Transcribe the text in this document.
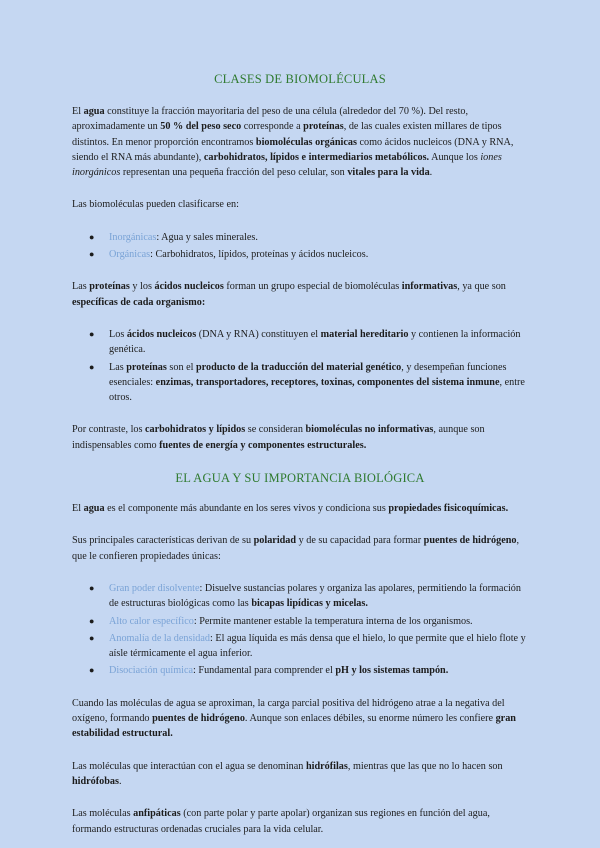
CLASES DE BIOMOLÉCULAS

El agua constituye la fracción mayoritaria del peso de una célula (alrededor del 70 %). Del resto, aproximadamente un 50 % del peso seco corresponde a proteínas, de las cuales existen millares de tipos distintos. En menor proporción encontramos biomoléculas orgánicas como ácidos nucleicos (DNA y RNA, siendo el RNA más abundante), carbohidratos, lípidos e intermediarios metabólicos. Aunque los iones inorgánicos representan una pequeña fracción del peso celular, son vitales para la vida.

Las biomoléculas pueden clasificarse en:

● Inorgánicas: Agua y sales minerales.
● Orgánicas: Carbohidratos, lípidos, proteínas y ácidos nucleicos.

Las proteínas y los ácidos nucleicos forman un grupo especial de biomoléculas informativas, ya que son específicas de cada organismo:

● Los ácidos nucleicos (DNA y RNA) constituyen el material hereditario y contienen la información genética.
● Las proteínas son el producto de la traducción del material genético, y desempeñan funciones esenciales: enzimas, transportadores, receptores, toxinas, componentes del sistema inmune, entre otros.

Por contraste, los carbohidratos y lípidos se consideran biomoléculas no informativas, aunque son indispensables como fuentes de energía y componentes estructurales.

EL AGUA Y SU IMPORTANCIA BIOLÓGICA

El agua es el componente más abundante en los seres vivos y condiciona sus propiedades fisicoquímicas.

Sus principales características derivan de su polaridad y de su capacidad para formar puentes de hidrógeno, que le confieren propiedades únicas:

● Gran poder disolvente: Disuelve sustancias polares y organiza las apolares, permitiendo la formación de estructuras biológicas como las bicapas lipídicas y micelas.
● Alto calor específico: Permite mantener estable la temperatura interna de los organismos.
● Anomalía de la densidad: El agua líquida es más densa que el hielo, lo que permite que el hielo flote y aísle térmicamente el agua inferior.
● Disociación química: Fundamental para comprender el pH y los sistemas tampón.

Cuando las moléculas de agua se aproximan, la carga parcial positiva del hidrógeno atrae a la negativa del oxígeno, formando puentes de hidrógeno. Aunque son enlaces débiles, su enorme número les confiere gran estabilidad estructural.

Las moléculas que interactúan con el agua se denominan hidrófilas, mientras que las que no lo hacen son hidrófobas.

Las moléculas anfipáticas (con parte polar y parte apolar) organizan sus regiones en función del agua, formando estructuras ordenadas cruciales para la vida celular.
